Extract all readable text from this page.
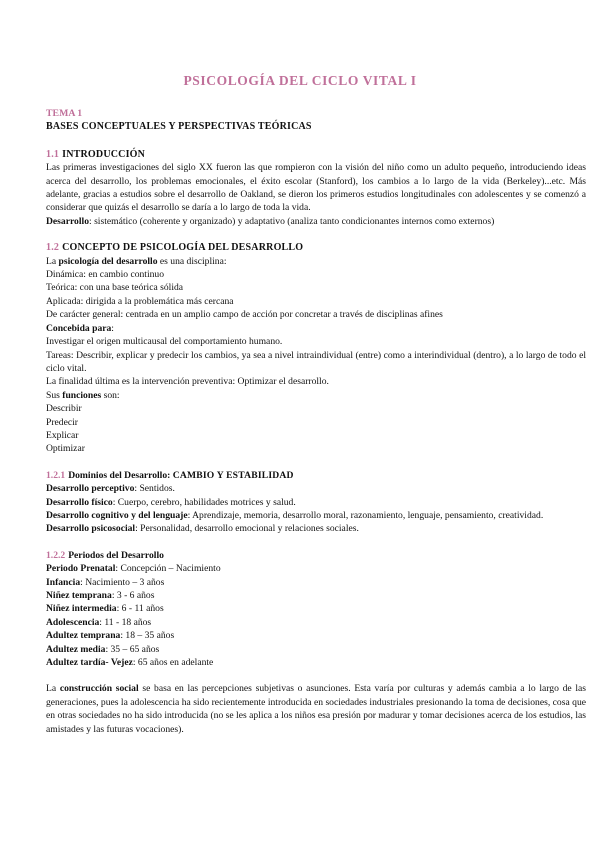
PSICOLOGÍA DEL CICLO VITAL I

TEMA 1

BASES CONCEPTUALES Y PERSPECTIVAS TEÓRICAS

1.1 INTRODUCCIÓN

Las primeras investigaciones del siglo XX fueron las que rompieron con la visión del niño como un adulto pequeño, introduciendo ideas acerca del desarrollo, los problemas emocionales, el éxito escolar (Stanford), los cambios a lo largo de la vida (Berkeley)...etc. Más adelante, gracias a estudios sobre el desarrollo de Oakland, se dieron los primeros estudios longitudinales con adolescentes y se comenzó a considerar que quizás el desarrollo se daría a lo largo de toda la vida.

Desarrollo: sistemático (coherente y organizado) y adaptativo (analiza tanto condicionantes internos como externos)

1.2 CONCEPTO DE PSICOLOGÍA DEL DESARROLLO

La psicología del desarrollo es una disciplina:

Dinámica: en cambio continuo

Teórica: con una base teórica sólida

Aplicada: dirigida a la problemática más cercana

De carácter general: centrada en un amplio campo de acción por concretar a través de disciplinas afines

Concebida para:

Investigar el origen multicausal del comportamiento humano.

Tareas: Describir, explicar y predecir los cambios, ya sea a nivel intraindividual (entre) como a interindividual (dentro), a lo largo de todo el ciclo vital.

La finalidad última es la intervención preventiva: Optimizar el desarrollo.

Sus funciones son:

Describir

Predecir

Explicar

Optimizar

1.2.1 Dominios del Desarrollo: CAMBIO Y ESTABILIDAD

Desarrollo perceptivo: Sentidos.

Desarrollo físico: Cuerpo, cerebro, habilidades motrices y salud.

Desarrollo cognitivo y del lenguaje: Aprendizaje, memoria, desarrollo moral, razonamiento, lenguaje, pensamiento, creatividad.

Desarrollo psicosocial: Personalidad, desarrollo emocional y relaciones sociales.

1.2.2 Periodos del Desarrollo

Periodo Prenatal: Concepción – Nacimiento

Infancia: Nacimiento – 3 años

Niñez temprana: 3 - 6 años

Niñez intermedia: 6 - 11 años

Adolescencia: 11 - 18 años

Adultez temprana: 18 – 35 años

Adultez media: 35 – 65 años

Adultez tardía- Vejez: 65 años en adelante

La construcción social se basa en las percepciones subjetivas o asunciones. Esta varía por culturas y además cambia a lo largo de las generaciones, pues la adolescencia ha sido recientemente introducida en sociedades industriales presionando la toma de decisiones, cosa que en otras sociedades no ha sido introducida (no se les aplica a los niños esa presión por madurar y tomar decisiones acerca de los estudios, las amistades y las futuras vocaciones).
